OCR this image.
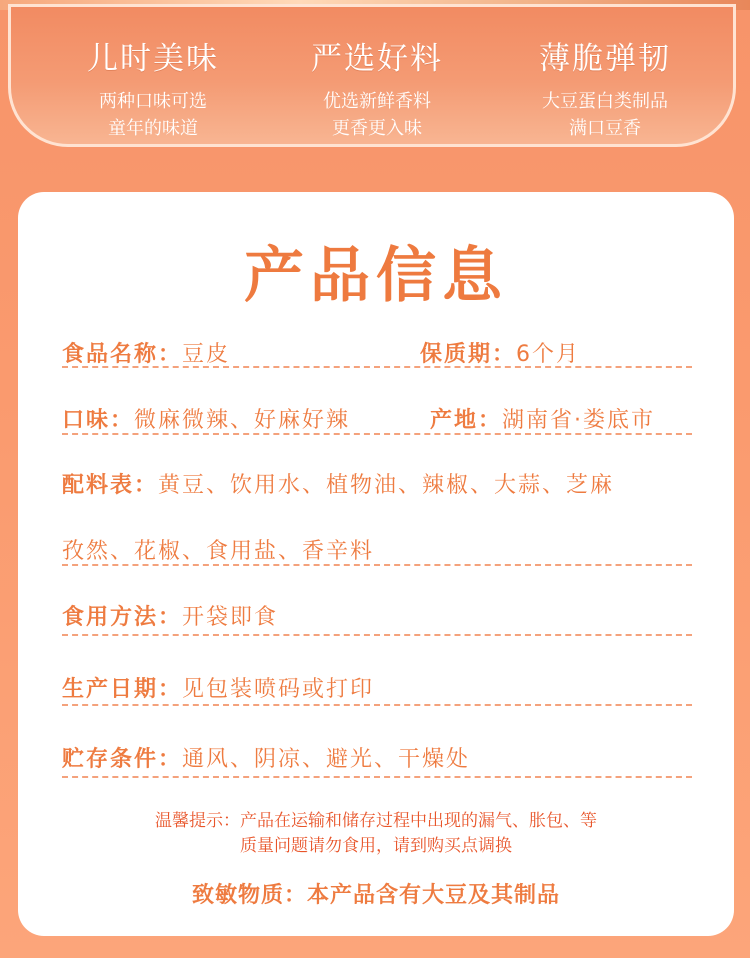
儿时美味
两种口味可选
童年的味道
严选好料
优选新鲜香料
更香更入味
薄脆弹韧
大豆蛋白类制品
满口豆香
产品信息
食品名称：豆皮	保质期：6个月
口味：微麻微辣、好麻好辣	产地：湖南省·娄底市
配料表：黄豆、饮用水、植物油、辣椒、大蒜、芝麻
孜然、花椒、食用盐、香辛料
食用方法：开袋即食
生产日期：见包装喷码或打印
贮存条件：通风、阴凉、避光、干燥处
温馨提示：产品在运输和储存过程中出现的漏气、胀包、等
质量问题请勿食用，请到购买点调换
致敏物质：本产品含有大豆及其制品
